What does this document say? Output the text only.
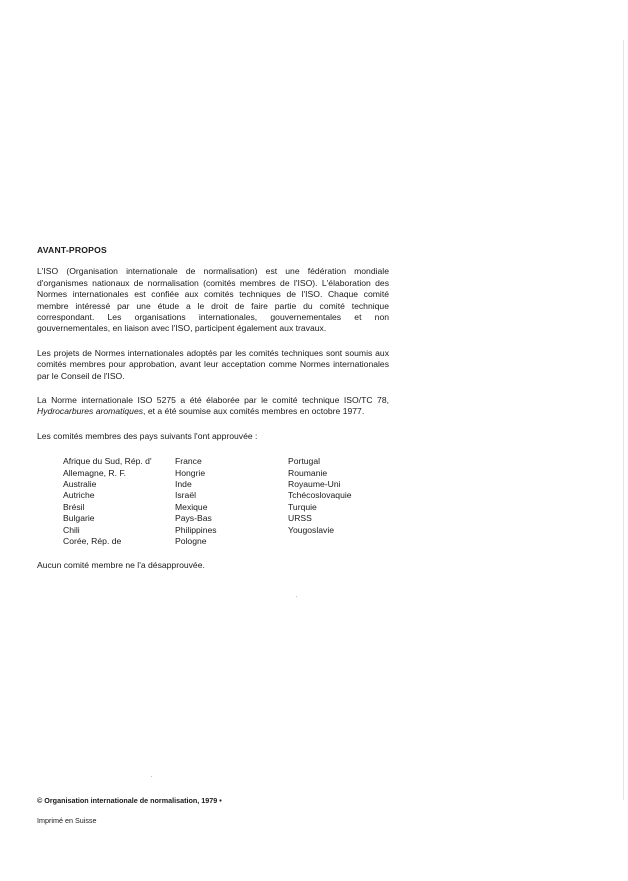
AVANT-PROPOS

L'ISO (Organisation internationale de normalisation) est une fédération mondiale d'organismes nationaux de normalisation (comités membres de l'ISO). L'élaboration des Normes internationales est confiée aux comités techniques de l'ISO. Chaque comité membre intéressé par une étude a le droit de faire partie du comité technique correspondant. Les organisations internationales, gouvernementales et non gouvernementales, en liaison avec l'ISO, participent également aux travaux.

Les projets de Normes internationales adoptés par les comités techniques sont soumis aux comités membres pour approbation, avant leur acceptation comme Normes internationales par le Conseil de l'ISO.

La Norme internationale ISO 5275 a été élaborée par le comité technique ISO/TC 78, Hydrocarbures aromatiques, et a été soumise aux comités membres en octobre 1977.

Les comités membres des pays suivants l'ont approuvée :

Afrique du Sud, Rép. d'
Allemagne, R. F.
Australie
Autriche
Brésil
Bulgarie
Chili
Corée, Rép. de
France
Hongrie
Inde
Israël
Mexique
Pays-Bas
Philippines
Pologne
Portugal
Roumanie
Royaume-Uni
Tchécoslovaquie
Turquie
URSS
Yougoslavie

Aucun comité membre ne l'a désapprouvée.

© Organisation internationale de normalisation, 1979 •
Imprimé en Suisse
